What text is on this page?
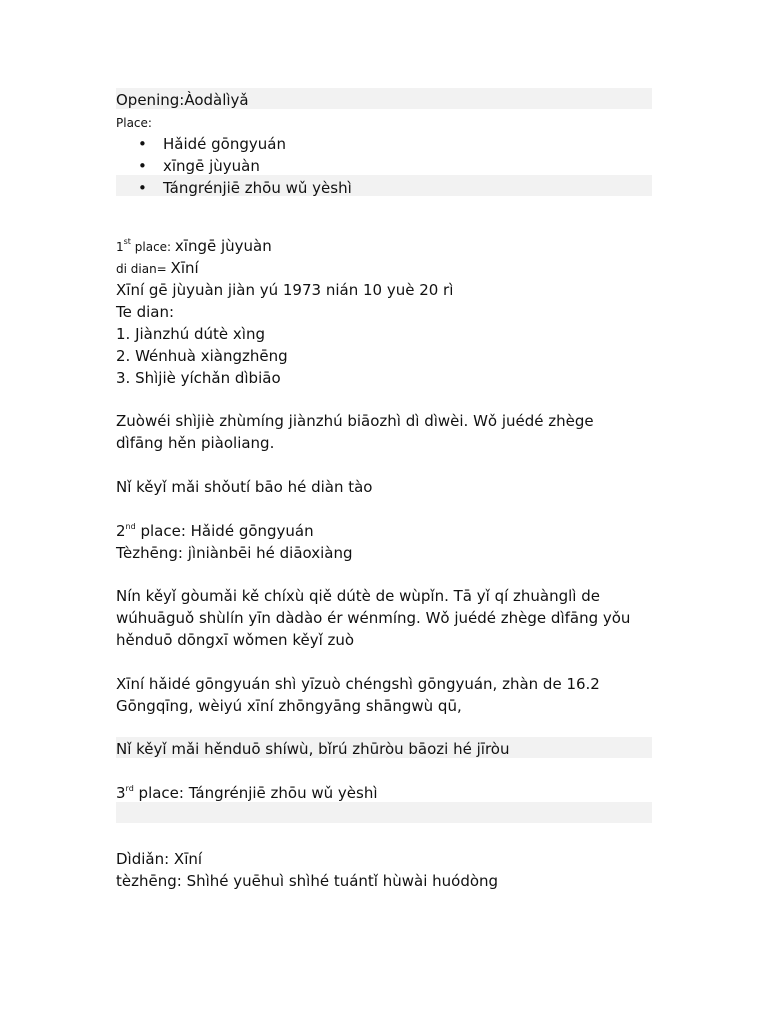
Opening:Àodàlìyǎ
Place:
• Hǎidé gōngyuán
• xīngē jùyuàn
• Tángrénjiē zhōu wǔ yèshì
1st place: xīngē jùyuàn
di dian= Xīní
Xīní gē jùyuàn jiàn yú 1973 nián 10 yuè 20 rì
Te dian:
1. Jiànzhú dútè xìng
2. Wénhuà xiàngzhēng
3. Shìjiè yíchǎn dìbiāo
Zuòwéi shìjiè zhùmíng jiànzhú biāozhì dì dìwèi. Wǒ juédé zhège
dìfāng hěn piàoliang.
Nǐ kěyǐ mǎi shǒutí bāo hé diàn tào
2nd place: Hǎidé gōngyuán
Tèzhēng: jìniànbēi hé diāoxiàng
Nín kěyǐ gòumǎi kě chíxù qiě dútè de wùpǐn. Tā yǐ qí zhuànglì de
wúhuāguǒ shùlín yīn dàdào ér wénmíng. Wǒ juédé zhège dìfāng yǒu
hěnduō dōngxī wǒmen kěyǐ zuò
Xīní hǎidé gōngyuán shì yīzuò chéngshì gōngyuán, zhàn de 16.2
Gōngqīng, wèiyú xīní zhōngyāng shāngwù qū,
Nǐ kěyǐ mǎi hěnduō shíwù, bǐrú zhūròu bāozi hé jīròu
3rd place: Tángrénjiē zhōu wǔ yèshì
Dìdiǎn: Xīní
tèzhēng: Shìhé yuēhuì shìhé tuántǐ hùwài huódòng
